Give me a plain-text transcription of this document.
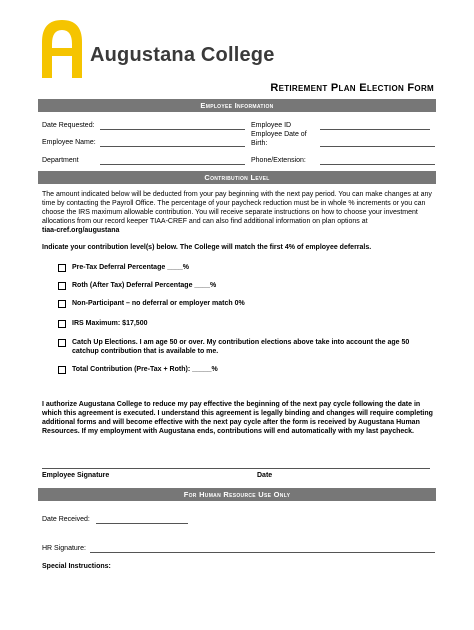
Augustana College
Retirement Plan Election Form
Employee Information
Date Requested:
Employee Name:
Department
Employee ID
Employee Date of Birth:
Phone/Extension:
Contribution Level
The amount indicated below will be deducted from your pay beginning with the next pay period. You can make changes at any time by contacting the Payroll Office. The percentage of your paycheck reduction must be in whole % increments or you can choose the IRS maximum allowable contribution. You will receive separate instructions on how to choose your investment allocations from our record keeper TIAA-CREF and can also find additional information on plan options at
tiaa-cref.org/augustana
Indicate your contribution level(s) below. The College will match the first 4% of employee deferrals.
Pre-Tax Deferral Percentage ____%
Roth (After Tax) Deferral Percentage ____%
Non-Participant – no deferral or employer match 0%
IRS Maximum: $17,500
Catch Up Elections. I am age 50 or over. My contribution elections above take into account the age 50 catchup contribution that is available to me.
Total Contribution (Pre-Tax + Roth): _____%
I authorize Augustana College to reduce my pay effective the beginning of the next pay cycle following the date in which this agreement is executed. I understand this agreement is legally binding and changes will require completing additional forms and will become effective with the next pay cycle after the form is received by Augustana Human Resources. If my employment with Augustana ends, contributions will end automatically with my last paycheck.
Employee Signature	Date
For Human Resource Use Only
Date Received:
HR Signature:
Special Instructions:
